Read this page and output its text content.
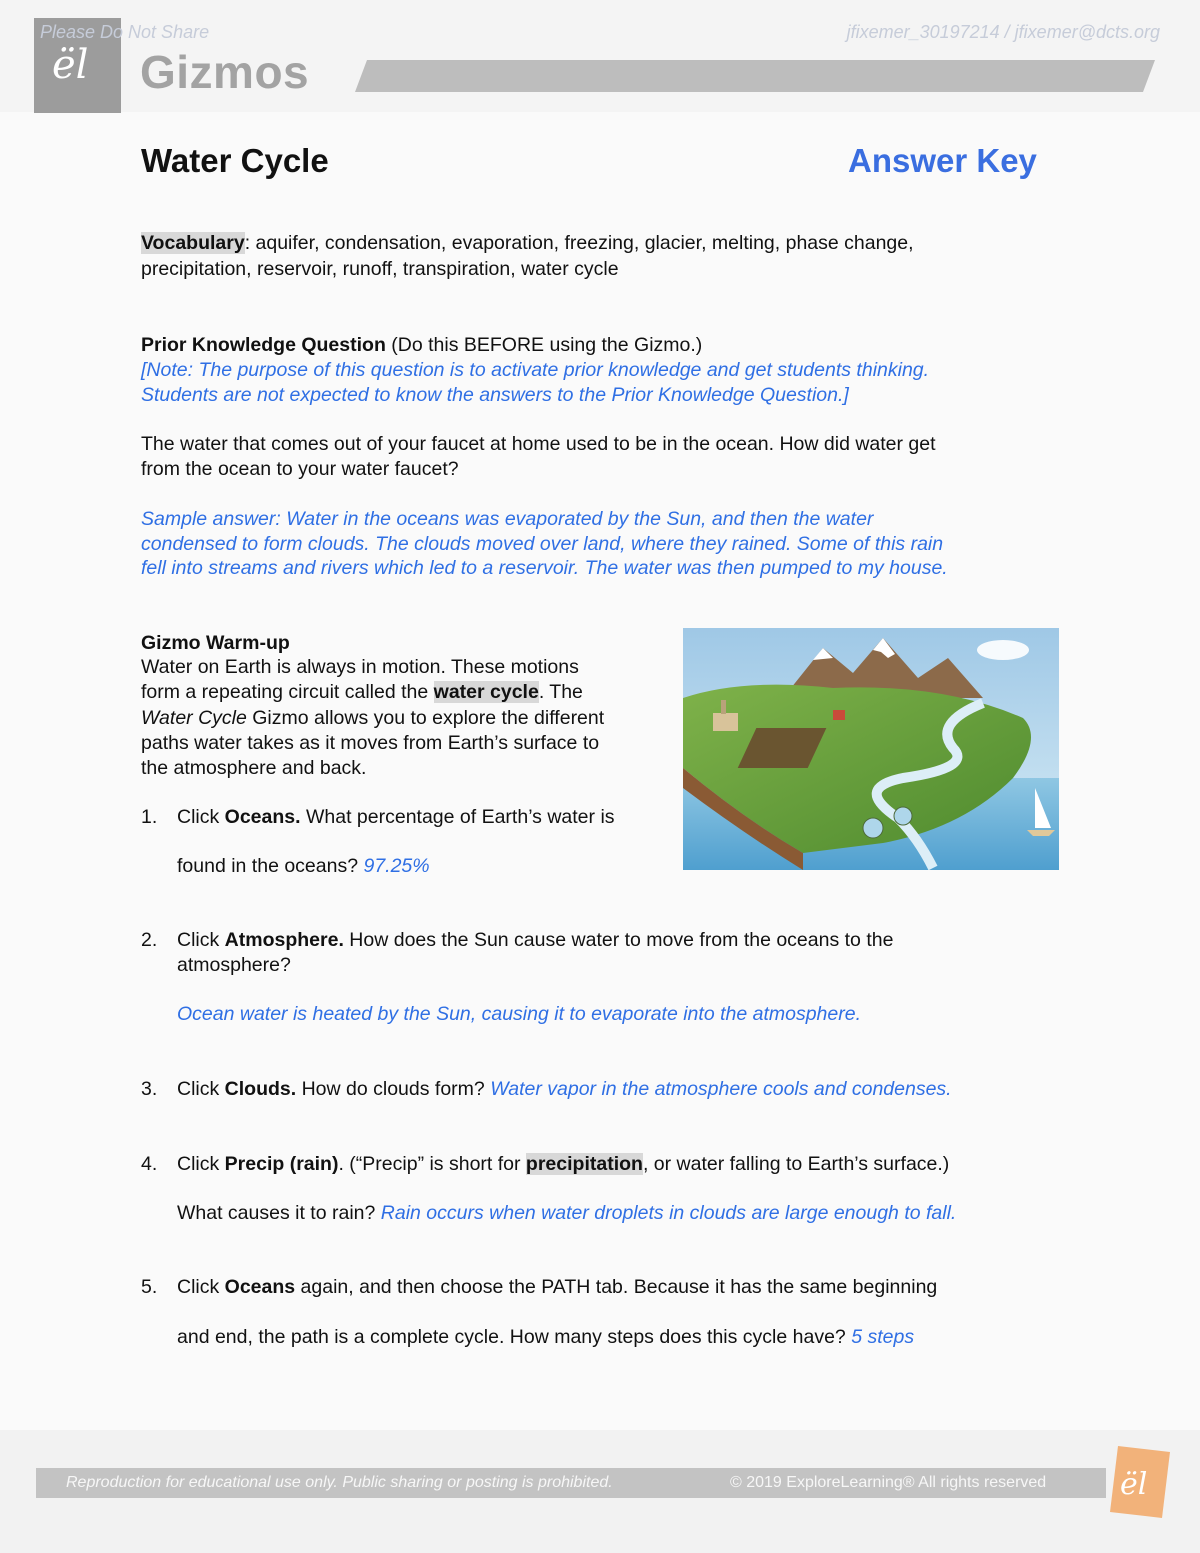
ël Gizmos
Please Do Not Share	jfixemer_30197214 / jfixemer@dcts.org
Water Cycle	Answer Key
Vocabulary: aquifer, condensation, evaporation, freezing, glacier, melting, phase change,
precipitation, reservoir, runoff, transpiration, water cycle
Prior Knowledge Question (Do this BEFORE using the Gizmo.)
[Note: The purpose of this question is to activate prior knowledge and get students thinking.
Students are not expected to know the answers to the Prior Knowledge Question.]
The water that comes out of your faucet at home used to be in the ocean. How did water get
from the ocean to your water faucet?
Sample answer: Water in the oceans was evaporated by the Sun, and then the water
condensed to form clouds. The clouds moved over land, where they rained. Some of this rain
fell into streams and rivers which led to a reservoir. The water was then pumped to my house.
Gizmo Warm-up
Water on Earth is always in motion. These motions
form a repeating circuit called the water cycle. The
Water Cycle Gizmo allows you to explore the different
paths water takes as it moves from Earth’s surface to
the atmosphere and back.
1. Click Oceans. What percentage of Earth’s water is
found in the oceans? 97.25%
2. Click Atmosphere. How does the Sun cause water to move from the oceans to the
atmosphere?
Ocean water is heated by the Sun, causing it to evaporate into the atmosphere.
3. Click Clouds. How do clouds form? Water vapor in the atmosphere cools and condenses.
4. Click Precip (rain). (“Precip” is short for precipitation, or water falling to Earth’s surface.)
What causes it to rain? Rain occurs when water droplets in clouds are large enough to fall.
5. Click Oceans again, and then choose the PATH tab. Because it has the same beginning
and end, the path is a complete cycle. How many steps does this cycle have? 5 steps
Reproduction for educational use only. Public sharing or posting is prohibited.	© 2019 ExploreLearning® All rights reserved ël
